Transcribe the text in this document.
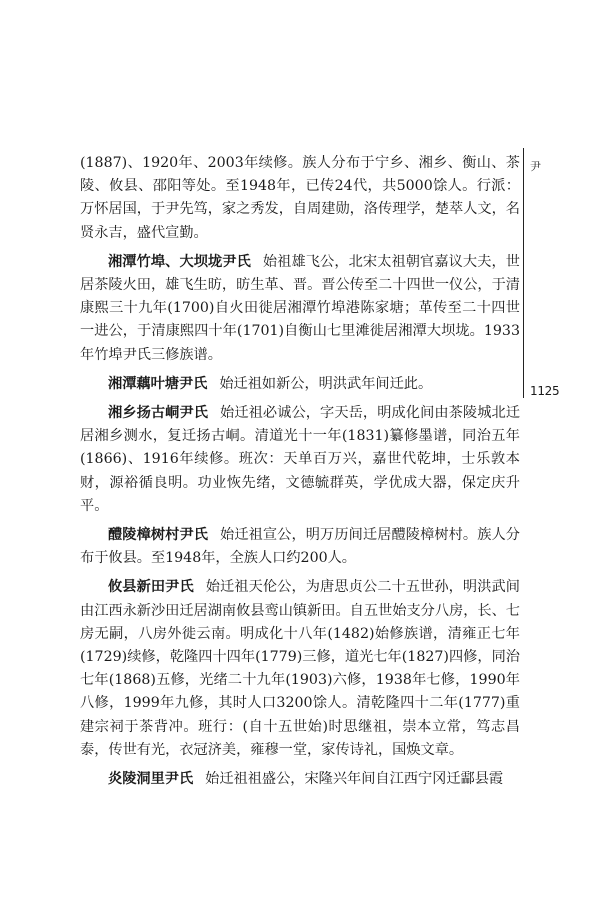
(1887)、1920年、2003年续修。族人分布于宁乡、湘乡、衡山、茶陵、攸县、邵阳等处。至1948年，已传24代，共5000馀人。行派：万怀居国，于尹先笃，家之秀发，自周建勋，洛传理学，楚萃人文，名贤永吉，盛代宣勤。

湘潭竹埠、大坝垅尹氏 始祖雄飞公，北宋太祖朝官嘉议大夫，世居茶陵火田，雄飞生昉，昉生革、晋。晋公传至二十四世一仪公，于清康熙三十九年(1700)自火田徙居湘潭竹埠港陈家塘；革传至二十四世一进公，于清康熙四十年(1701)自衡山七里滩徙居湘潭大坝垅。1933年竹埠尹氏三修族谱。

湘潭藕叶塘尹氏 始迁祖如新公，明洪武年间迁此。

湘乡扬古峒尹氏 始迁祖必诚公，字天岳，明成化间由茶陵城北迁居湘乡测水，复迁扬古峒。清道光十一年(1831)纂修墨谱，同治五年(1866)、1916年续修。班次：天单百万兴，嘉世代乾坤，士乐敦本财，源裕循良明。功业恢先绪，文德毓群英，学优成大器，保定庆升平。

醴陵樟树村尹氏 始迁祖宣公，明万历间迁居醴陵樟树村。族人分布于攸县。至1948年，全族人口约200人。

攸县新田尹氏 始迁祖天伦公，为唐思贞公二十五世孙，明洪武间由江西永新沙田迁居湖南攸县鸾山镇新田。自五世始支分八房，长、七房无嗣，八房外徙云南。明成化十八年(1482)始修族谱，清雍正七年(1729)续修，乾隆四十四年(1779)三修，道光七年(1827)四修，同治七年(1868)五修，光绪二十九年(1903)六修，1938年七修，1990年八修，1999年九修，其时人口3200馀人。清乾隆四十二年(1777)重建宗祠于茶背冲。班行：(自十五世始)时思继祖，崇本立常，笃志昌泰，传世有光，衣冠济美，雍穆一堂，家传诗礼，国焕文章。

炎陵洞里尹氏 始迁祖祖盛公，宋隆兴年间自江西宁冈迁酃县霞

尹
1125
